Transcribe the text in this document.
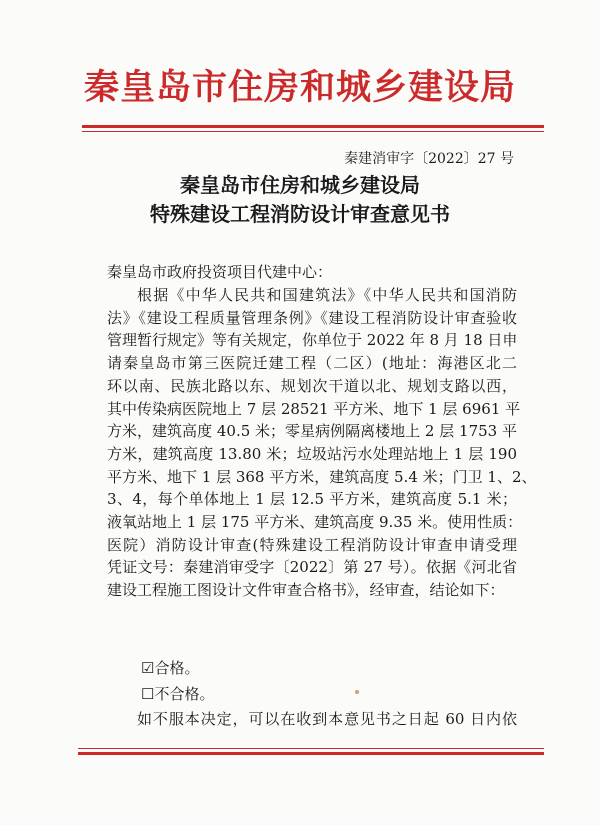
秦皇岛市住房和城乡建设局
秦建消审字〔2022〕27 号
秦皇岛市住房和城乡建设局
特殊建设工程消防设计审查意见书
秦皇岛市政府投资项目代建中心：
根据《中华人民共和国建筑法》《中华人民共和国消防
法》《建设工程质量管理条例》《建设工程消防设计审查验收
管理暂行规定》等有关规定，你单位于 2022 年 8 月 18 日申
请秦皇岛市第三医院迁建工程（二区）(地址：海港区北二
环以南、民族北路以东、规划次干道以北、规划支路以西，
其中传染病医院地上 7 层 28521 平方米、地下 1 层 6961 平
方米，建筑高度 40.5 米；零星病例隔离楼地上 2 层 1753 平
方米，建筑高度 13.80 米；垃圾站污水处理站地上 1 层 190
平方米、地下 1 层 368 平方米，建筑高度 5.4 米；门卫 1、2、
3、4，每个单体地上 1 层 12.5 平方米，建筑高度 5.1 米；
液氧站地上 1 层 175 平方米、建筑高度 9.35 米。使用性质：
医院）消防设计审查(特殊建设工程消防设计审查申请受理
凭证文号：秦建消审受字〔2022〕第 27 号）。依据《河北省
建设工程施工图设计文件审查合格书》，经审查，结论如下：
☑合格。
☐不合格。
如不服本决定，可以在收到本意见书之日起 60 日内依
